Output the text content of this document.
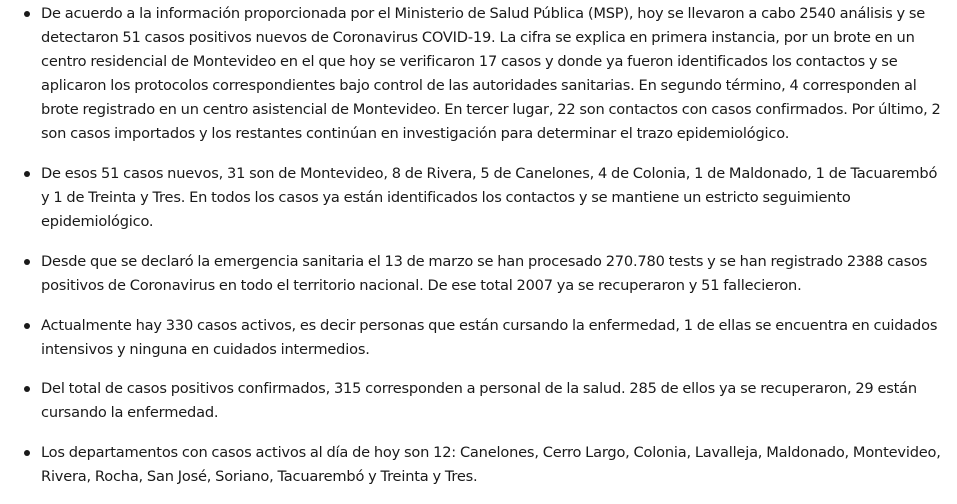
De acuerdo a la información proporcionada por el Ministerio de Salud Pública (MSP), hoy se llevaron a cabo 2540 análisis y se detectaron 51 casos positivos nuevos de Coronavirus COVID-19. La cifra se explica en primera instancia, por un brote en un centro residencial de Montevideo en el que hoy se verificaron 17 casos y donde ya fueron identificados los contactos y se aplicaron los protocolos correspondientes bajo control de las autoridades sanitarias. En segundo término, 4 corresponden al brote registrado en un centro asistencial de Montevideo. En tercer lugar, 22 son contactos con casos confirmados. Por último, 2 son casos importados y los restantes continúan en investigación para determinar el trazo epidemiológico.
De esos 51 casos nuevos, 31 son de Montevideo, 8 de Rivera, 5 de Canelones, 4 de Colonia, 1 de Maldonado, 1 de Tacuarembó y 1 de Treinta y Tres. En todos los casos ya están identificados los contactos y se mantiene un estricto seguimiento epidemiológico.
Desde que se declaró la emergencia sanitaria el 13 de marzo se han procesado 270.780 tests y se han registrado 2388 casos positivos de Coronavirus en todo el territorio nacional. De ese total 2007 ya se recuperaron y 51 fallecieron.
Actualmente hay 330 casos activos, es decir personas que están cursando la enfermedad, 1 de ellas se encuentra en cuidados intensivos y ninguna en cuidados intermedios.
Del total de casos positivos confirmados, 315 corresponden a personal de la salud. 285 de ellos ya se recuperaron, 29 están cursando la enfermedad.
Los departamentos con casos activos al día de hoy son 12: Canelones, Cerro Largo, Colonia, Lavalleja, Maldonado, Montevideo, Rivera, Rocha, San José, Soriano, Tacuarembó y Treinta y Tres.
